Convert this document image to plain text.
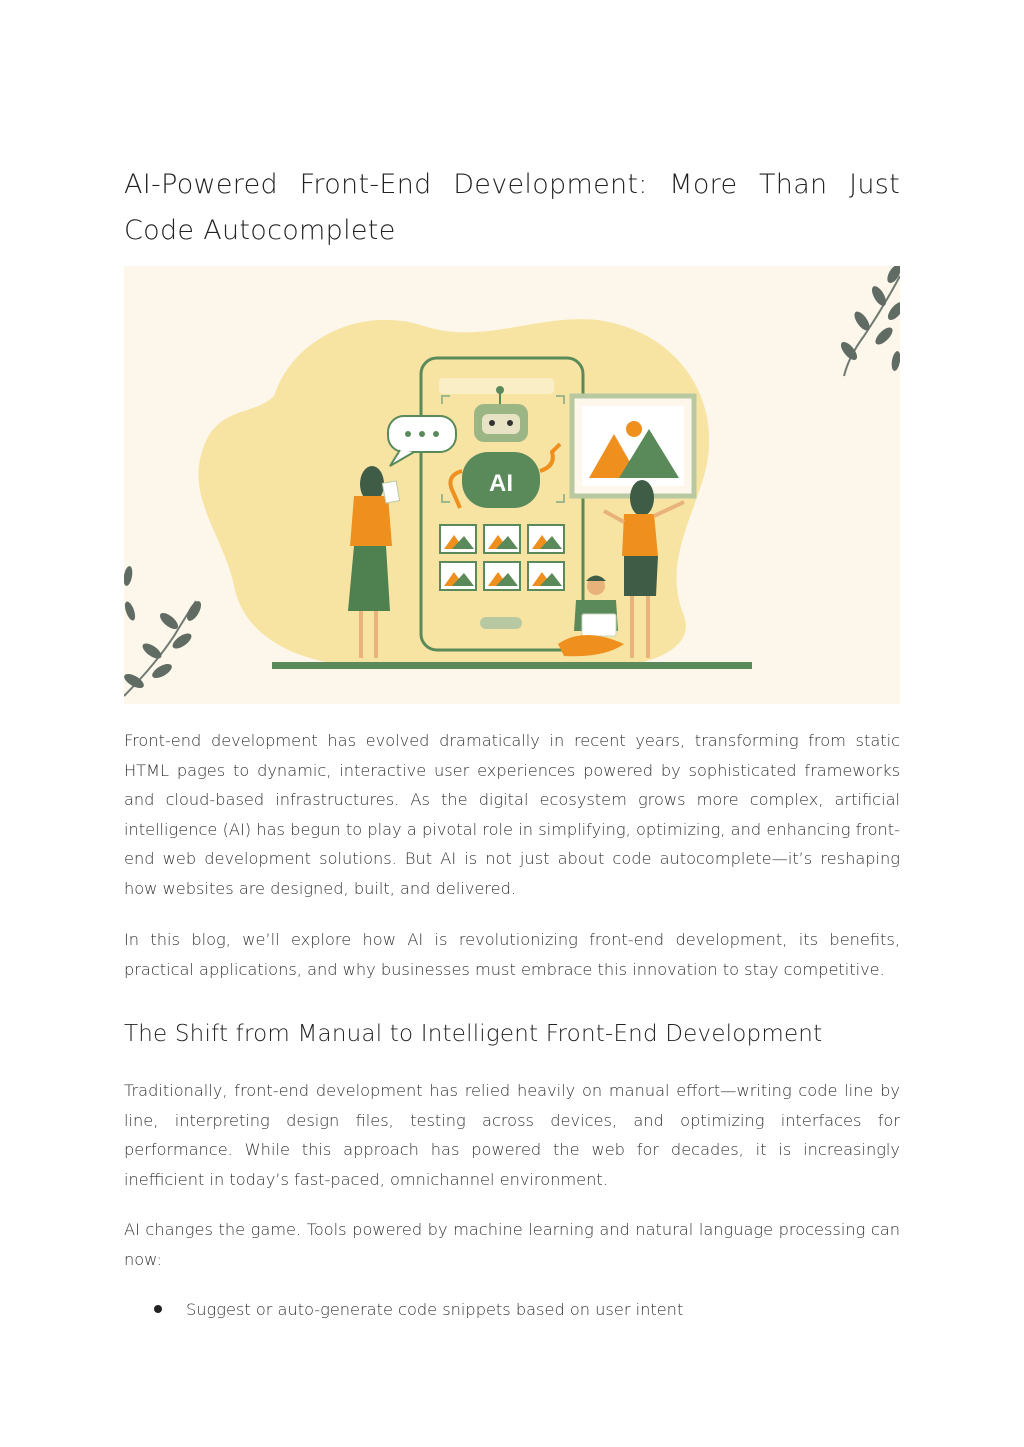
AI-Powered Front-End Development: More Than Just Code Autocomplete
AI

Front-end development has evolved dramatically in recent years, transforming from static HTML pages to dynamic, interactive user experiences powered by sophisticated frameworks and cloud-based infrastructures. As the digital ecosystem grows more complex, artificial intelligence (AI) has begun to play a pivotal role in simplifying, optimizing, and enhancing front-end web development solutions. But AI is not just about code autocomplete—it’s reshaping how websites are designed, built, and delivered.

In this blog, we’ll explore how AI is revolutionizing front-end development, its benefits, practical applications, and why businesses must embrace this innovation to stay competitive.

The Shift from Manual to Intelligent Front-End Development

Traditionally, front-end development has relied heavily on manual effort—writing code line by line, interpreting design files, testing across devices, and optimizing interfaces for performance. While this approach has powered the web for decades, it is increasingly inefficient in today’s fast-paced, omnichannel environment.

AI changes the game. Tools powered by machine learning and natural language processing can now:

Suggest or auto-generate code snippets based on user intent
